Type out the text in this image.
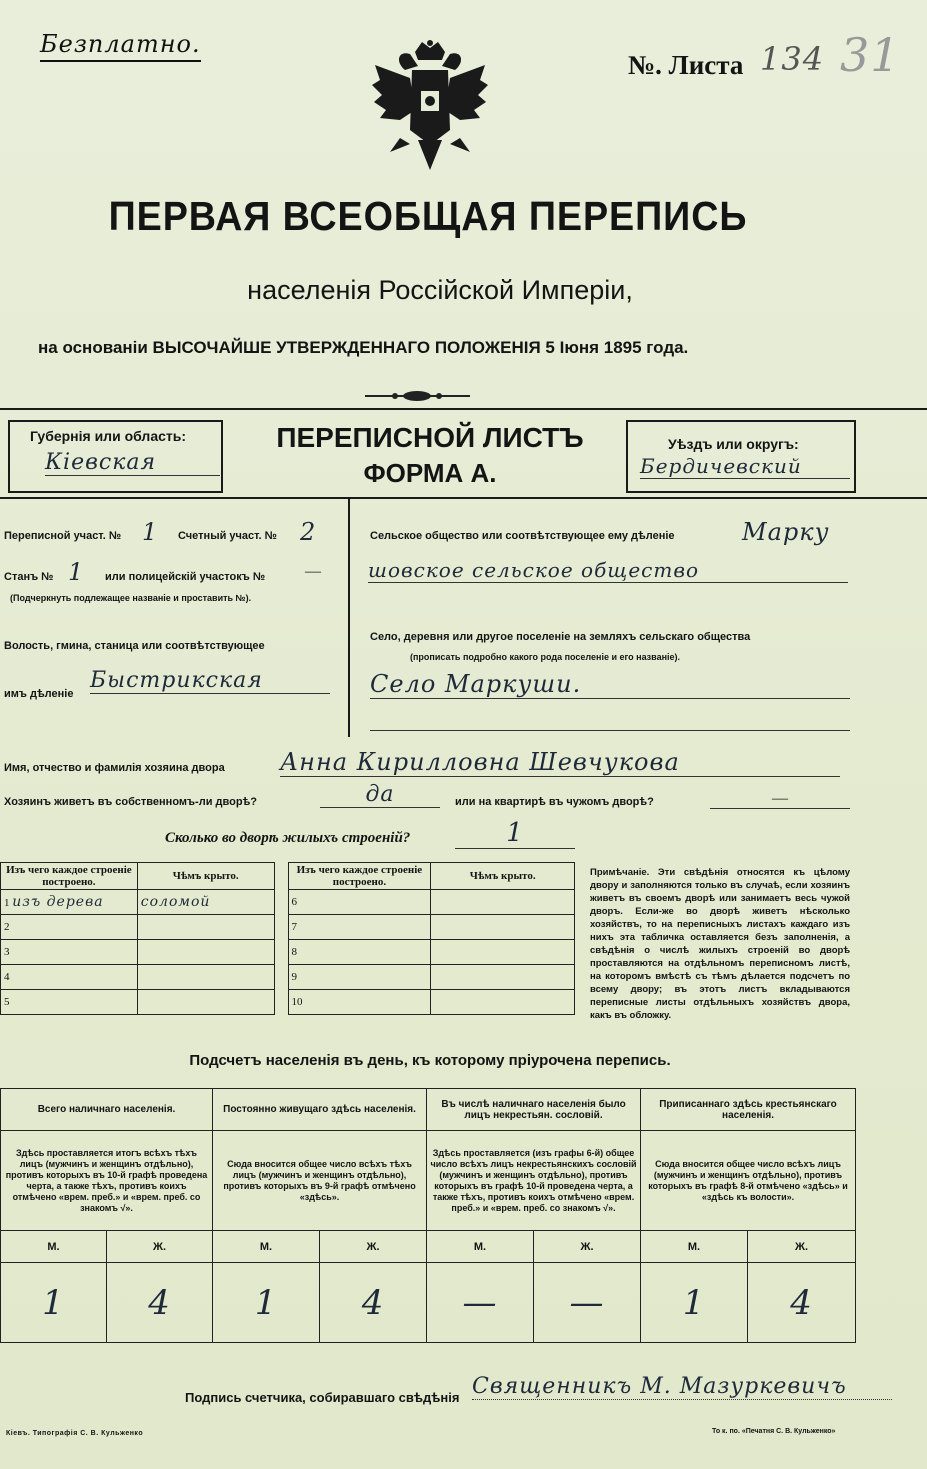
Безплатно.
№. Листа 134 31
ПЕРВАЯ ВСЕОБЩАЯ ПЕРЕПИСЬ
населенія Россійской Имперіи,
на основаніи ВЫСОЧАЙШЕ УТВЕРЖДЕННАГО ПОЛОЖЕНІЯ 5 Іюня 1895 года.
Губернія или область:
Кіевская
ПЕРЕПИСНОЙ ЛИСТЪ
ФОРМА А.
Уѣздъ или округъ:
Бердичевский
Переписной участ. № 1	Счетный участ. № 2
Станъ № 1	или полицейскій участокъ № —
(Подчеркнуть подлежащее названіе и проставить №).
Волость, гмина, станица или соотвѣтствующее
имъ дѣленіе
Быстрикская
Сельское общество или соотвѣтствующее ему дѣленіе	Марку
шовское сельское общество
Село, деревня или другое поселеніе на земляхъ сельскаго общества
(прописать подробно какого рода поселеніе и его названіе).
Село Маркуши.
Имя, отчество и фамилія хозяина двора Анна Кирилловна Шевчукова
Хозяинъ живетъ въ собственномъ-ли дворѣ?	да	или на квартирѣ въ чужомъ дворѣ?	—
Сколько во дворѣ жилыхъ строеній?	1
Изъ чего каждое строеніе построено.	Чѣмъ крыто.		Изъ чего каждое строеніе построено.	Чѣмъ крыто.
1 изъ дерева	соломой		6	
2			7	
3			8	
4			9	
5			10	
Примѣчаніе. Эти свѣдѣнія относятся къ цѣлому двору и заполняются только въ случаѣ, если хозяинъ живетъ въ своемъ дворѣ или занимаетъ весь чужой дворъ. Если-же во дворѣ живетъ нѣсколько хозяйствъ, то на переписныхъ листахъ каждаго изъ нихъ эта табличка оставляется безъ заполненія, а свѣдѣнія о числѣ жилыхъ строеній во дворѣ проставляются на отдѣльномъ переписномъ листѣ, на которомъ вмѣстѣ съ тѣмъ дѣлается подсчетъ по всему двору; въ этотъ листъ вкладываются переписные листы отдѣльныхъ хозяйствъ двора, какъ въ обложку.
Подсчетъ населенія въ день, къ которому пріурочена перепись.
Всего наличнаго населенія.		Постоянно живущаго здѣсь населенія.		Въ числѣ наличнаго населенія было лицъ некрестьян. сословій.		Приписаннаго здѣсь крестьянскаго населенія.	
Здѣсь проставляется итогъ всѣхъ тѣхъ лицъ (мужчинъ и женщинъ отдѣльно), противъ которыхъ въ 10-й графѣ проведена черта, а также тѣхъ, противъ коихъ отмѣчено «врем. преб.» и «врем. преб. со знакомъ √».		Сюда вносится общее число всѣхъ тѣхъ лицъ (мужчинъ и женщинъ отдѣльно), противъ которыхъ въ 9-й графѣ отмѣчено «здѣсь».		Здѣсь проставляется (изъ графы 6-й) общее число всѣхъ лицъ некрестьянскихъ сословій (мужчинъ и женщинъ отдѣльно), противъ которыхъ въ графѣ 10-й проведена черта, а также тѣхъ, противъ коихъ отмѣчено «врем. преб.» и «врем. преб. со знакомъ √».		Сюда вносится общее число всѣхъ лицъ (мужчинъ и женщинъ отдѣльно), противъ которыхъ въ графѣ 8-й отмѣчено «здѣсь» и «здѣсь къ волости».	
М.	Ж.	М.	Ж.	М.	Ж.	М.	Ж.
1	4	1	4	—	—	1	4
Подпись счетчика, собиравшаго свѣдѣнія Священникъ М. Мазуркевичъ
Кіевъ. Типографія С. В. Кульженко	То к. по. «Печатня С. В. Кульженко»
